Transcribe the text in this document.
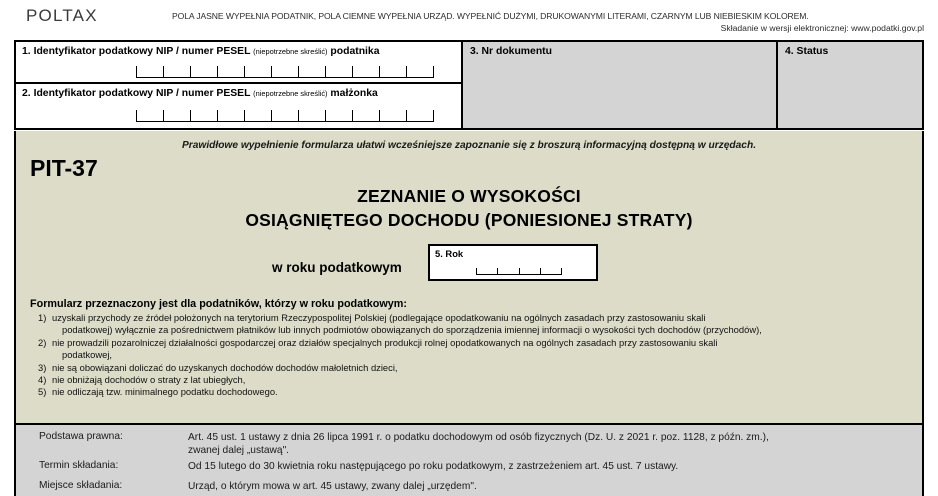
POLTAX	POLA JASNE WYPEŁNIA PODATNIK, POLA CIEMNE WYPEŁNIA URZĄD. WYPEŁNIĆ DUŻYMI, DRUKOWANYMI LITERAMI, CZARNYM LUB NIEBIESKIM KOLOREM.
Składanie w wersji elektronicznej: www.podatki.gov.pl
1. Identyfikator podatkowy NIP / numer PESEL (niepotrzebne skreślić) podatnika
2. Identyfikator podatkowy NIP / numer PESEL (niepotrzebne skreślić) małżonka
3. Nr dokumentu	4. Status
Prawidłowe wypełnienie formularza ułatwi wcześniejsze zapoznanie się z broszurą informacyjną dostępną w urzędach.
PIT-37
ZEZNANIE O WYSOKOŚCI
OSIĄGNIĘTEGO DOCHODU (PONIESIONEJ STRATY)
w roku podatkowym
5. Rok
Formularz przeznaczony jest dla podatników, którzy w roku podatkowym:
1) uzyskali przychody ze źródeł położonych na terytorium Rzeczypospolitej Polskiej (podlegające opodatkowaniu na ogólnych zasadach przy zastosowaniu skali
podatkowej) wyłącznie za pośrednictwem płatników lub innych podmiotów obowiązanych do sporządzenia imiennej informacji o wysokości tych dochodów (przychodów),
2) nie prowadzili pozarolniczej działalności gospodarczej oraz działów specjalnych produkcji rolnej opodatkowanych na ogólnych zasadach przy zastosowaniu skali
podatkowej,
3) nie są obowiązani doliczać do uzyskanych dochodów dochodów małoletnich dzieci,
4) nie obniżają dochodów o straty z lat ubiegłych,
5) nie odliczają tzw. minimalnego podatku dochodowego.
Podstawa prawna:	Art. 45 ust. 1 ustawy z dnia 26 lipca 1991 r. o podatku dochodowym od osób fizycznych (Dz. U. z 2021 r. poz. 1128, z późn. zm.),
zwanej dalej „ustawą".
Termin składania:	Od 15 lutego do 30 kwietnia roku następującego po roku podatkowym, z zastrzeżeniem art. 45 ust. 7 ustawy.
Miejsce składania:	Urząd, o którym mowa w art. 45 ustawy, zwany dalej „urzędem".
